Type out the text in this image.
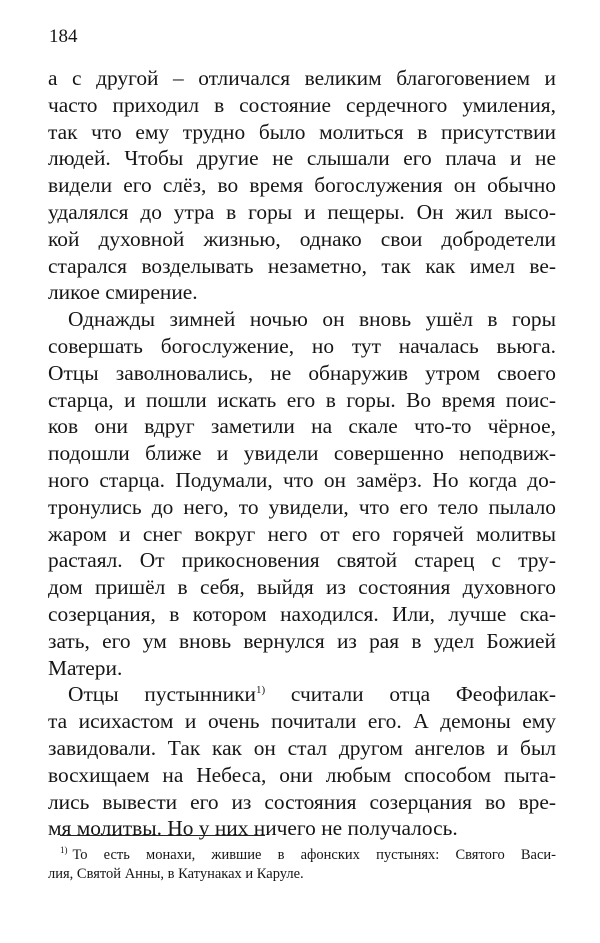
184
а с другой – отличался великим благоговением и
часто приходил в состояние сердечного умиления,
так что ему трудно было молиться в присутствии
людей. Чтобы другие не слышали его плача и не
видели его слёз, во время богослужения он обычно
удалялся до утра в горы и пещеры. Он жил высо-
кой духовной жизнью, однако свои добродетели
старался возделывать незаметно, так как имел ве-
ликое смирение.
Однажды зимней ночью он вновь ушёл в горы
совершать богослужение, но тут началась вьюга.
Отцы заволновались, не обнаружив утром своего
старца, и пошли искать его в горы. Во время поис-
ков они вдруг заметили на скале что-то чёрное,
подошли ближе и увидели совершенно неподвиж-
ного старца. Подумали, что он замёрз. Но когда до-
тронулись до него, то увидели, что его тело пылало
жаром и снег вокруг него от его горячей молитвы
растаял. От прикосновения святой старец с тру-
дом пришёл в себя, выйдя из состояния духовного
созерцания, в котором находился. Или, лучше ска-
зать, его ум вновь вернулся из рая в удел Божией
Матери.
Отцы пустынники$^{1)}$ считали отца Феофилак-
та исихастом и очень почитали его. А демоны ему
завидовали. Так как он стал другом ангелов и был
восхищаем на Небеса, они любым способом пыта-
лись вывести его из состояния созерцания во вре-
мя молитвы. Но у них ничего не получалось.
$^{1)}$ То есть монахи, жившие в афонских пустынях: Святого Васи-
лия, Святой Анны, в Катунаках и Каруле.
